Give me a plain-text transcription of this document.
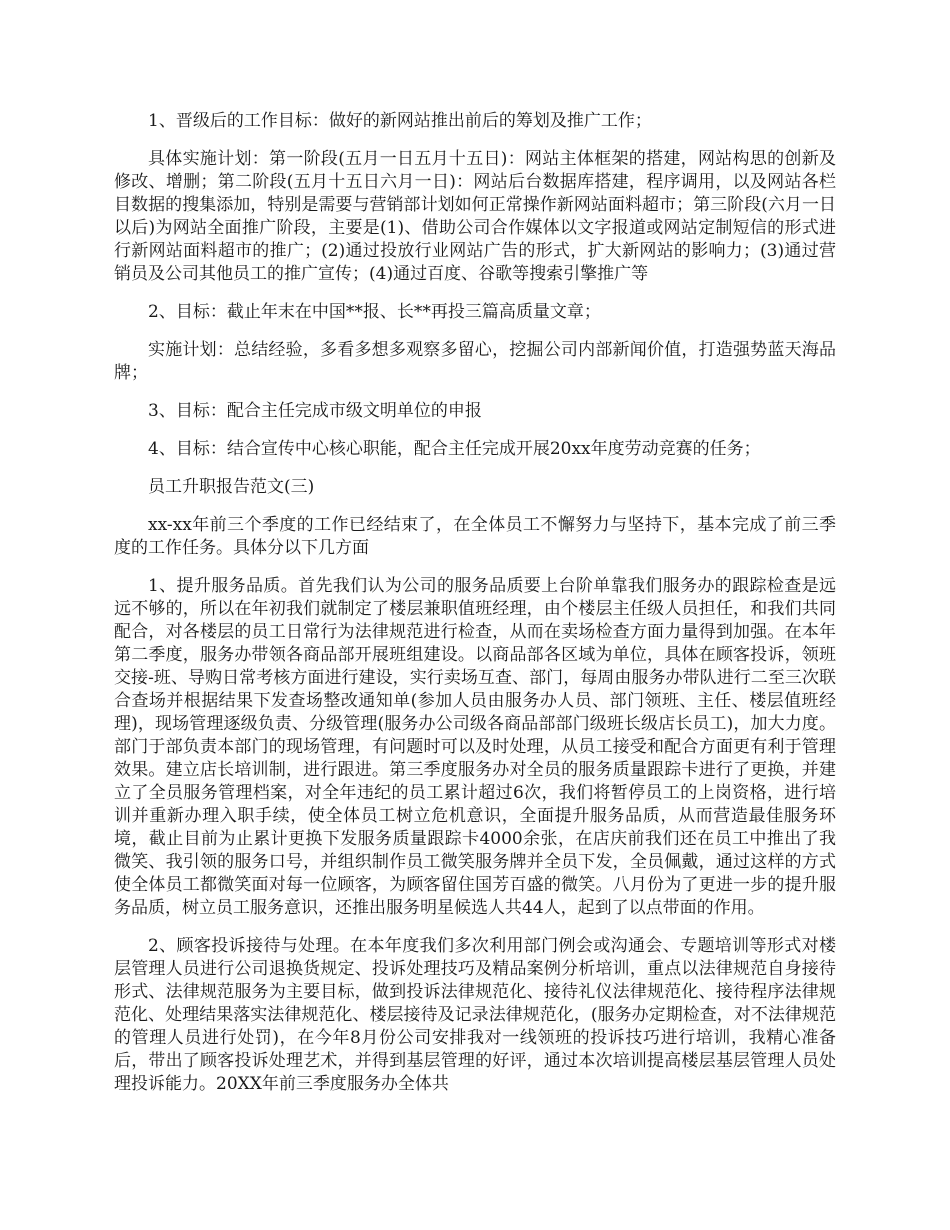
1、晋级后的工作目标：做好的新网站推出前后的筹划及推广工作；

具体实施计划：第一阶段(五月一日五月十五日)：网站主体框架的搭建，网站构思的创新及修改、增删；第二阶段(五月十五日六月一日)：网站后台数据库搭建，程序调用，以及网站各栏目数据的搜集添加，特别是需要与营销部计划如何正常操作新网站面料超市；第三阶段(六月一日以后)为网站全面推广阶段，主要是(1)、借助公司合作媒体以文字报道或网站定制短信的形式进行新网站面料超市的推广；(2)通过投放行业网站广告的形式，扩大新网站的影响力；(3)通过营销员及公司其他员工的推广宣传；(4)通过百度、谷歌等搜索引擎推广等

2、目标：截止年末在中国**报、长**再投三篇高质量文章；

实施计划：总结经验，多看多想多观察多留心，挖掘公司内部新闻价值，打造强势蓝天海品牌；

3、目标：配合主任完成市级文明单位的申报

4、目标：结合宣传中心核心职能，配合主任完成开展20xx年度劳动竞赛的任务；

员工升职报告范文(三)

xx-xx年前三个季度的工作已经结束了，在全体员工不懈努力与坚持下，基本完成了前三季度的工作任务。具体分以下几方面

1、提升服务品质。首先我们认为公司的服务品质要上台阶单靠我们服务办的跟踪检查是远远不够的，所以在年初我们就制定了楼层兼职值班经理，由个楼层主任级人员担任，和我们共同配合，对各楼层的员工日常行为法律规范进行检查，从而在卖场检查方面力量得到加强。在本年第二季度，服务办带领各商品部开展班组建设。以商品部各区域为单位，具体在顾客投诉，领班交接-班、导购日常考核方面进行建设，实行卖场互查、部门，每周由服务办带队进行二至三次联合查场并根据结果下发查场整改通知单(参加人员由服务办人员、部门领班、主任、楼层值班经理)，现场管理逐级负责、分级管理(服务办公司级各商品部部门级班长级店长员工)，加大力度。部门于部负责本部门的现场管理，有问题时可以及时处理，从员工接受和配合方面更有利于管理效果。建立店长培训制，进行跟进。第三季度服务办对全员的服务质量跟踪卡进行了更换，并建立了全员服务管理档案，对全年违纪的员工累计超过6次，我们将暂停员工的上岗资格，进行培训并重新办理入职手续，使全体员工树立危机意识，全面提升服务品质，从而营造最佳服务环境，截止目前为止累计更换下发服务质量跟踪卡4000余张，在店庆前我们还在员工中推出了我微笑、我引领的服务口号，并组织制作员工微笑服务牌并全员下发，全员佩戴，通过这样的方式使全体员工都微笑面对每一位顾客，为顾客留住国芳百盛的微笑。八月份为了更进一步的提升服务品质，树立员工服务意识，还推出服务明星候选人共44人，起到了以点带面的作用。

2、顾客投诉接待与处理。在本年度我们多次利用部门例会或沟通会、专题培训等形式对楼层管理人员进行公司退换货规定、投诉处理技巧及精品案例分析培训，重点以法律规范自身接待形式、法律规范服务为主要目标，做到投诉法律规范化、接待礼仪法律规范化、接待程序法律规范化、处理结果落实法律规范化、楼层接待及记录法律规范化，(服务办定期检查，对不法律规范的管理人员进行处罚)，在今年8月份公司安排我对一线领班的投诉技巧进行培训，我精心准备后，带出了顾客投诉处理艺术，并得到基层管理的好评，通过本次培训提高楼层基层管理人员处理投诉能力。20XX年前三季度服务办全体共
